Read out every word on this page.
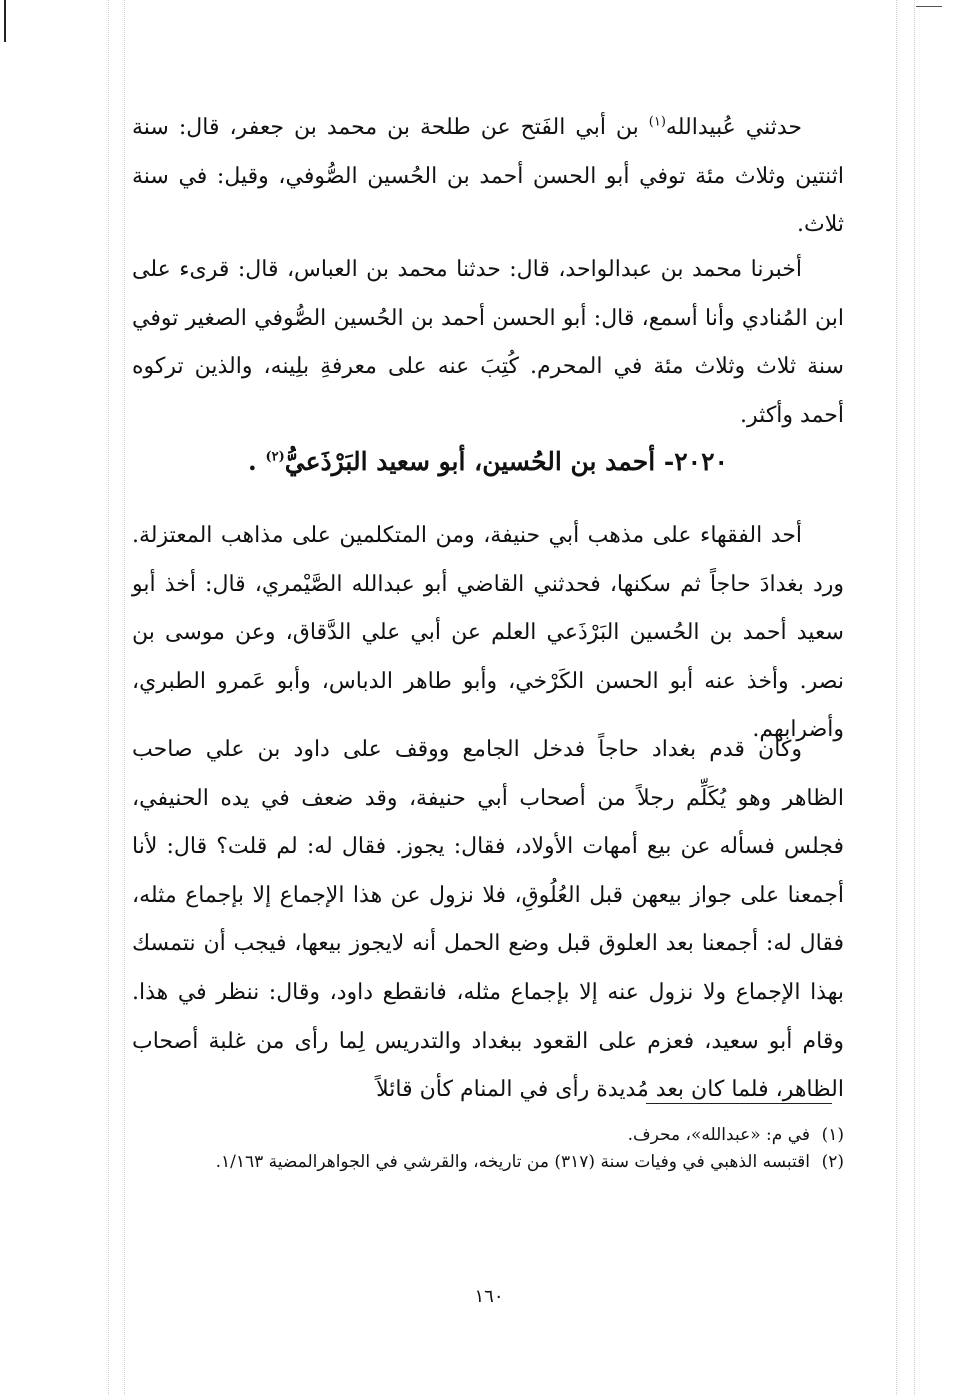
حدثني عُبيدالله$^{(١)}$ بن أبي الفَتح عن طلحة بن محمد بن جعفر، قال: سنة اثنتين وثلاث مئة توفي أبو الحسن أحمد بن الحُسين الصُّوفي، وقيل: في سنة ثلاث.

أخبرنا محمد بن عبدالواحد، قال: حدثنا محمد بن العباس، قال: قرىء على ابن المُنادي وأنا أسمع، قال: أبو الحسن أحمد بن الحُسين الصُّوفي الصغير توفي سنة ثلاث وثلاث مئة في المحرم. كُتِبَ عنه على معرفةِ بلِينه، والذين تركوه أحمد وأكثر.

٢٠٢٠- أحمد بن الحُسين، أبو سعيد البَرْذَعيُّ$^{(٢)}$ .

أحد الفقهاء على مذهب أبي حنيفة، ومن المتكلمين على مذاهب المعتزلة. ورد بغدادَ حاجاً ثم سكنها، فحدثني القاضي أبو عبدالله الصَّيْمري، قال: أخذ أبو سعيد أحمد بن الحُسين البَرْذَعي العلم عن أبي علي الدَّقاق، وعن موسى بن نصر. وأخذ عنه أبو الحسن الكَرْخي، وأبو طاهر الدباس، وأبو عَمرو الطبري، وأضرابهم.

وكان قدم بغداد حاجاً فدخل الجامع ووقف على داود بن علي صاحب الظاهر وهو يُكَلِّم رجلاً من أصحاب أبي حنيفة، وقد ضعف في يده الحنيفي، فجلس فسأله عن بيع أمهات الأولاد، فقال: يجوز. فقال له: لم قلت؟ قال: لأنا أجمعنا على جواز بيعهن قبل العُلُوقِ، فلا نزول عن هذا الإجماع إلا بإجماع مثله، فقال له: أجمعنا بعد العلوق قبل وضع الحمل أنه لايجوز بيعها، فيجب أن نتمسك بهذا الإجماع ولا نزول عنه إلا بإجماع مثله، فانقطع داود، وقال: ننظر في هذا. وقام أبو سعيد، فعزم على القعود ببغداد والتدريس لِما رأى من غلبة أصحاب الظاهر، فلما كان بعد مُديدة رأى في المنام كأن قائلاً

(١)
في م: «عبدالله»، محرف.
(٢)
اقتبسه الذهبي في وفيات سنة (٣١٧) من تاريخه، والقرشي في الجواهرالمضية ١/١٦٣.
١٦٠
